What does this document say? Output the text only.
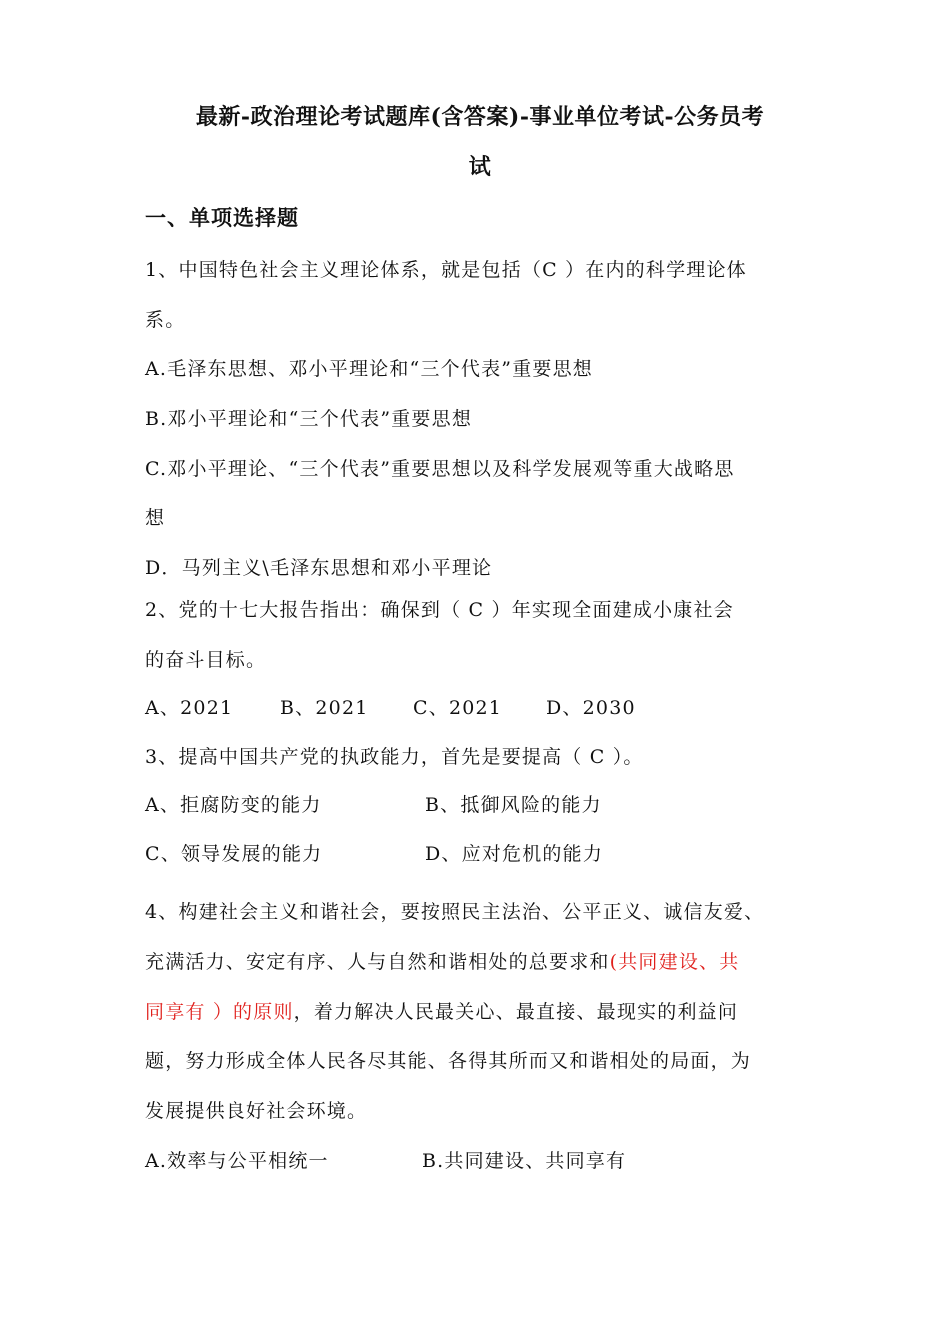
最新-政治理论考试题库(含答案)-事业单位考试-公务员考
试
一、单项选择题
1、中国特色社会主义理论体系，就是包括（C ）在内的科学理论体
系。
A.毛泽东思想、邓小平理论和“三个代表”重要思想
B.邓小平理论和“三个代表”重要思想
C.邓小平理论、“三个代表”重要思想以及科学发展观等重大战略思
想
D．马列主义\毛泽东思想和邓小平理论
2、党的十七大报告指出：确保到（ C ）年实现全面建成小康社会
的奋斗目标。
A、2021 B、2021 C、2021 D、2030
3、提高中国共产党的执政能力，首先是要提高（ C ）。
A、拒腐防变的能力	B、抵御风险的能力
C、领导发展的能力	D、应对危机的能力
4、构建社会主义和谐社会，要按照民主法治、公平正义、诚信友爱、
充满活力、安定有序、人与自然和谐相处的总要求和(共同建设、共
同享有 ）的原则，着力解决人民最关心、最直接、最现实的利益问
题，努力形成全体人民各尽其能、各得其所而又和谐相处的局面，为
发展提供良好社会环境。
A.效率与公平相统一	B.共同建设、共同享有
